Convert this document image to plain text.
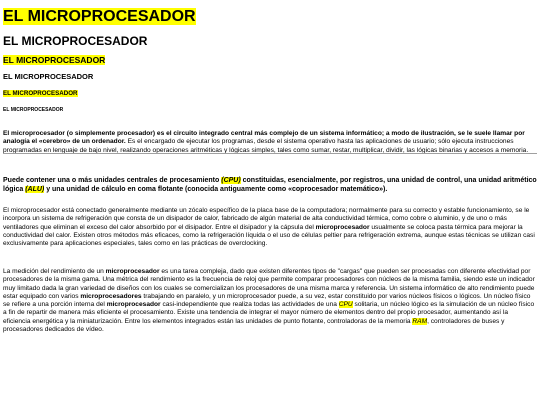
EL MICROPROCESADOR
EL MICROPROCESADOR
EL MICROPROCESADOR
EL MICROPROCESADOR
EL MICROPROCESADOR
EL MICROPROCESADOR

El microprocesador (o simplemente procesador) es el circuito integrado central más complejo de un sistema informático; a modo de ilustración, se le suele llamar por analogía el «cerebro» de un ordenador. Es el encargado de ejecutar los programas, desde el sistema operativo hasta las aplicaciones de usuario; sólo ejecuta instrucciones programadas en lenguaje de bajo nivel, realizando operaciones aritméticas y lógicas simples, tales como sumar, restar, multiplicar, dividir, las lógicas binarias y accesos a memoria.

Puede contener una o más unidades centrales de procesamiento (CPU) constituidas, esencialmente, por registros, una unidad de control, una unidad aritmético lógica (ALU) y una unidad de cálculo en coma flotante (conocida antiguamente como «coprocesador matemático»).

El microprocesador está conectado generalmente mediante un zócalo específico de la placa base de la computadora; normalmente para su correcto y estable funcionamiento, se le incorpora un sistema de refrigeración que consta de un disipador de calor, fabricado de algún material de alta conductividad térmica, como cobre o aluminio, y de uno o más ventiladores que eliminan el exceso del calor absorbido por el disipador. Entre el disipador y la cápsula del microprocesador usualmente se coloca pasta térmica para mejorar la conductividad del calor. Existen otros métodos más eficaces, como la refrigeración líquida o el uso de células peltier para refrigeración extrema, aunque estas técnicas se utilizan casi exclusivamente para aplicaciones especiales, tales como en las prácticas de overclocking.

La medición del rendimiento de un microprocesador es una tarea compleja, dado que existen diferentes tipos de "cargas" que pueden ser procesadas con diferente efectividad por procesadores de la misma gama. Una métrica del rendimiento es la frecuencia de reloj que permite comparar procesadores con núcleos de la misma familia, siendo este un indicador muy limitado dada la gran variedad de diseños con los cuales se comercializan los procesadores de una misma marca y referencia. Un sistema informático de alto rendimiento puede estar equipado con varios microprocesadores trabajando en paralelo, y un microprocesador puede, a su vez, estar constituido por varios núcleos físicos o lógicos. Un núcleo físico se refiere a una porción interna del microprocesador casi-independiente que realiza todas las actividades de una CPU solitaria, un núcleo lógico es la simulación de un núcleo físico a fin de repartir de manera más eficiente el procesamiento. Existe una tendencia de integrar el mayor número de elementos dentro del propio procesador, aumentando así la eficiencia energética y la miniaturización. Entre los elementos integrados están las unidades de punto flotante, controladoras de la memoria RAM, controladores de buses y procesadores dedicados de vídeo.
